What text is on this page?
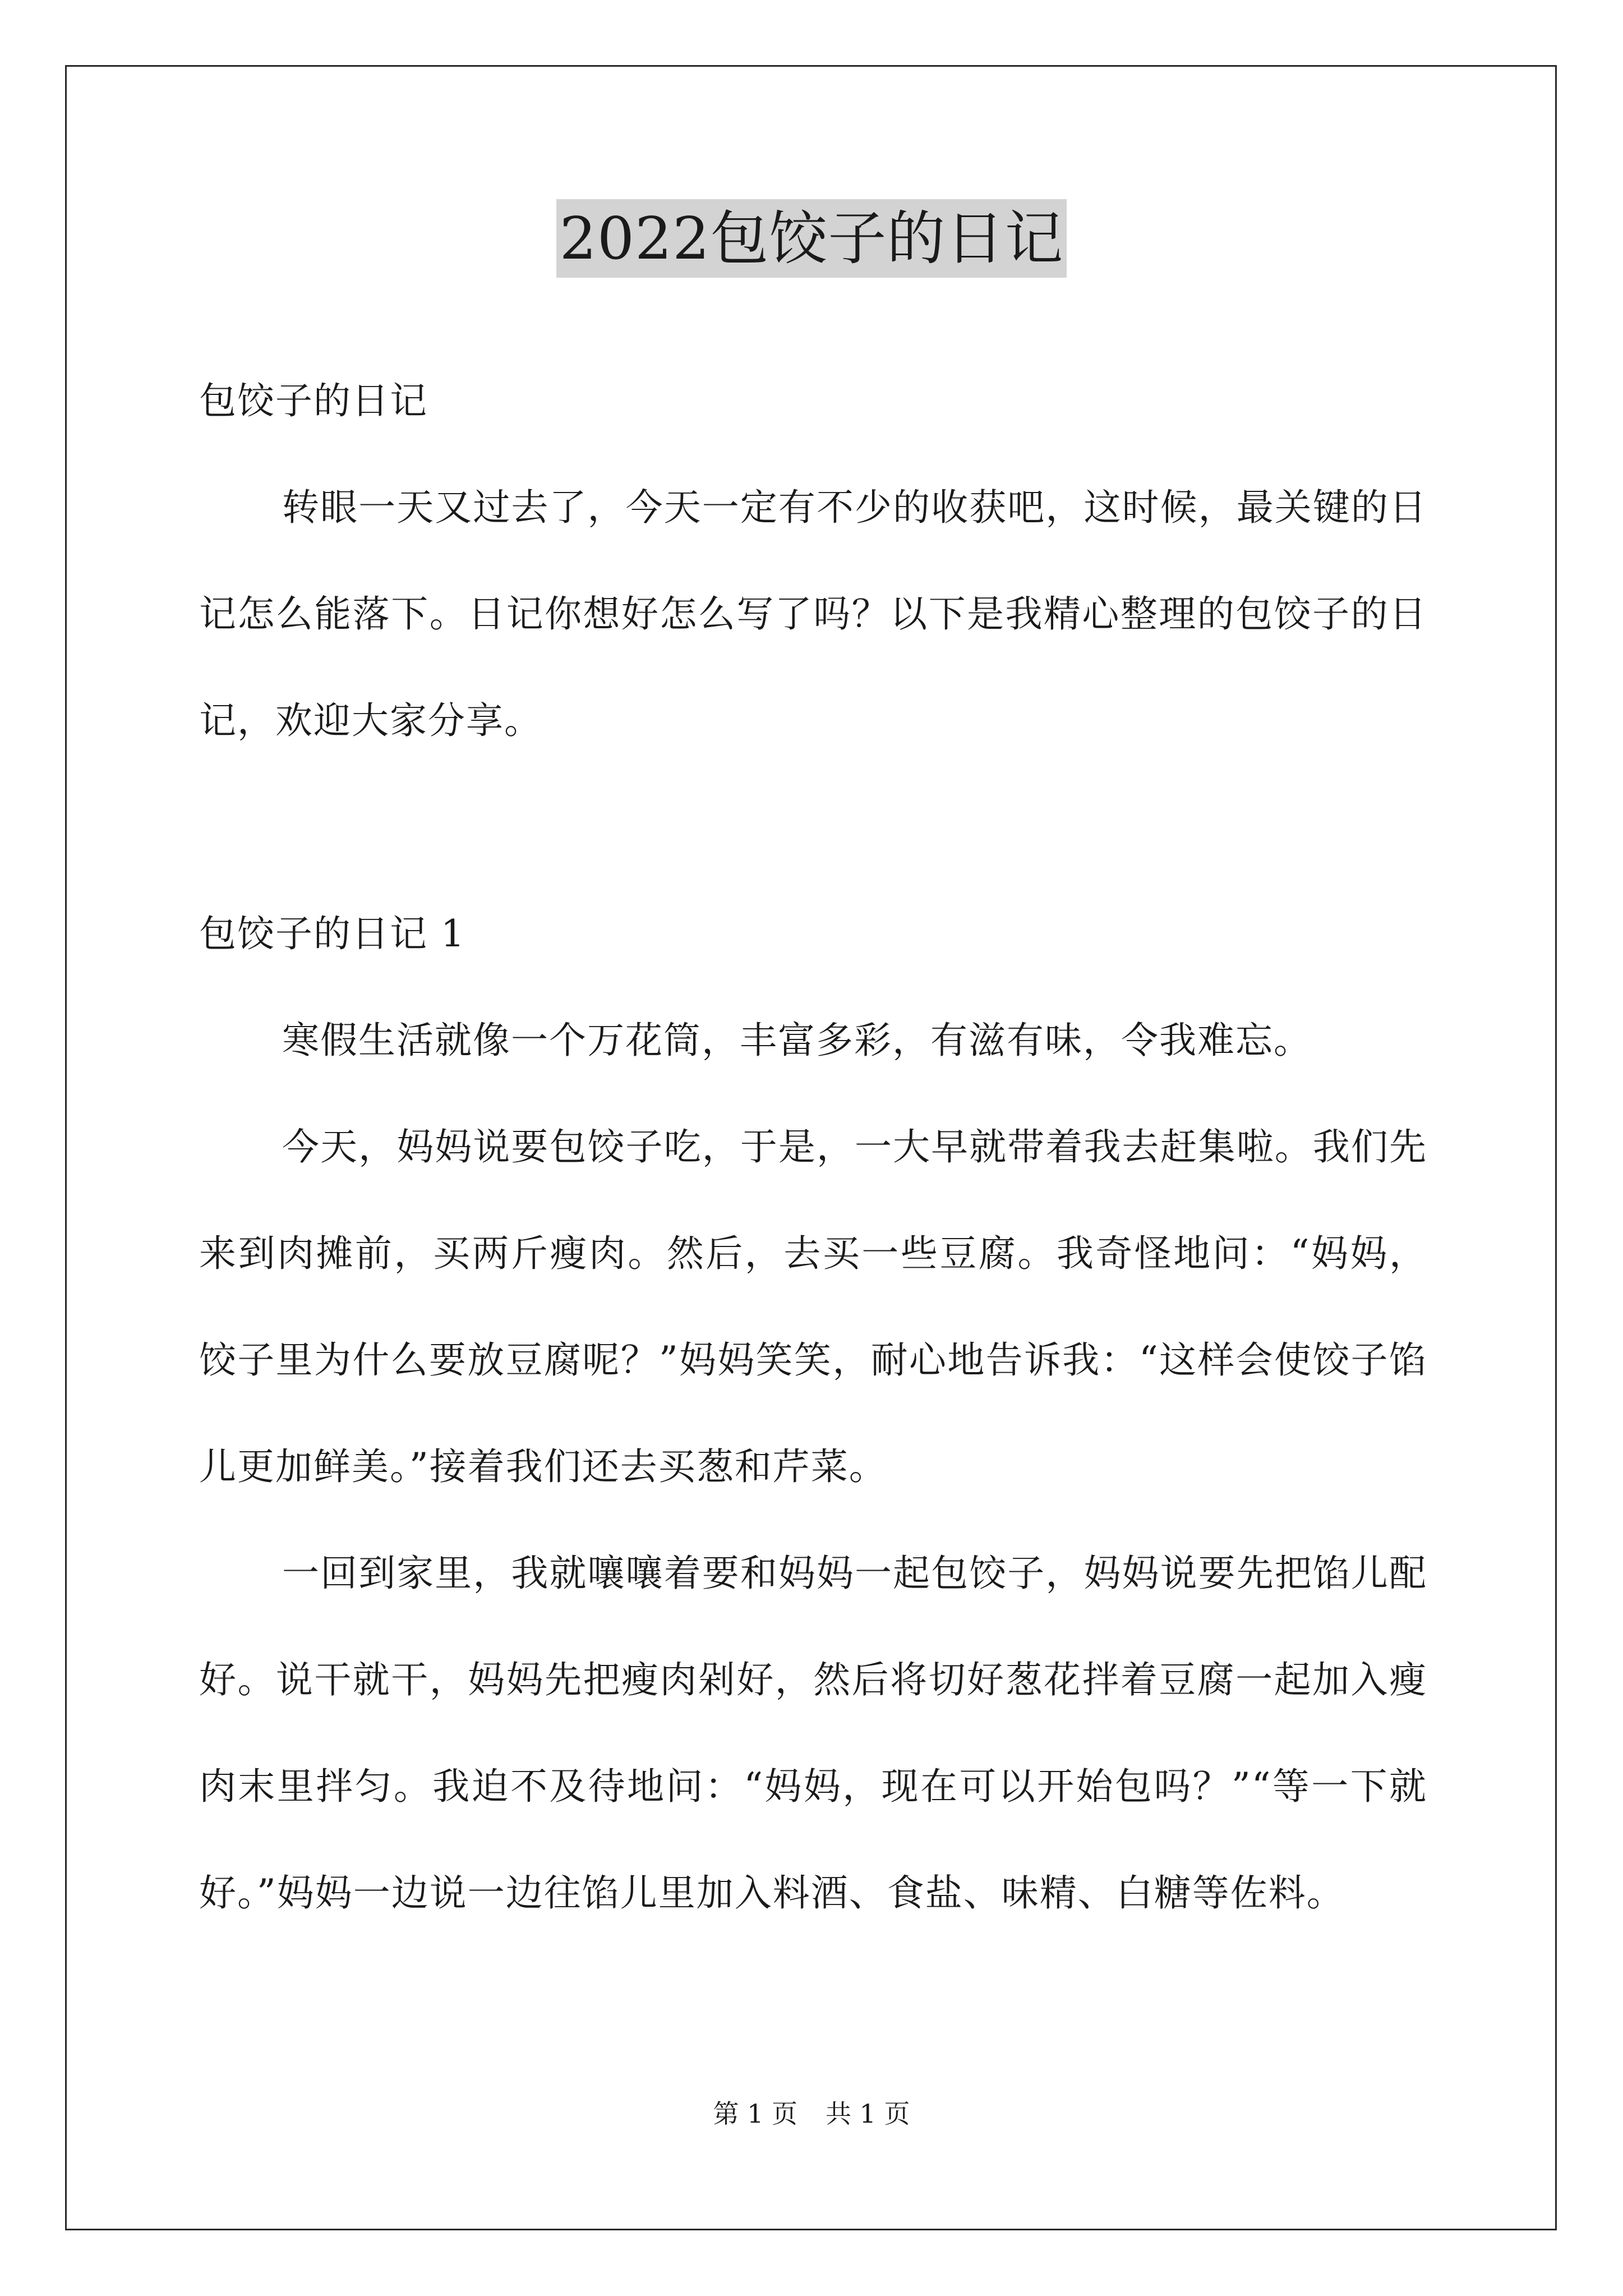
2022包饺子的日记

包饺子的日记

转眼一天又过去了，今天一定有不少的收获吧，这时候，最关键的日记怎么能落下。日记你想好怎么写了吗？以下是我精心整理的包饺子的日记，欢迎大家分享。

包饺子的日记 1

寒假生活就像一个万花筒，丰富多彩，有滋有味，令我难忘。

今天，妈妈说要包饺子吃，于是，一大早就带着我去赶集啦。我们先来到肉摊前，买两斤瘦肉。然后，去买一些豆腐。我奇怪地问：“妈妈，饺子里为什么要放豆腐呢？”妈妈笑笑，耐心地告诉我：“这样会使饺子馅儿更加鲜美。”接着我们还去买葱和芹菜。

一回到家里，我就嚷嚷着要和妈妈一起包饺子，妈妈说要先把馅儿配好。说干就干，妈妈先把瘦肉剁好，然后将切好葱花拌着豆腐一起加入瘦肉末里拌匀。我迫不及待地问：“妈妈，现在可以开始包吗？”“等一下就好。”妈妈一边说一边往馅儿里加入料酒、食盐、味精、白糖等佐料。

第 1 页 共 1 页
